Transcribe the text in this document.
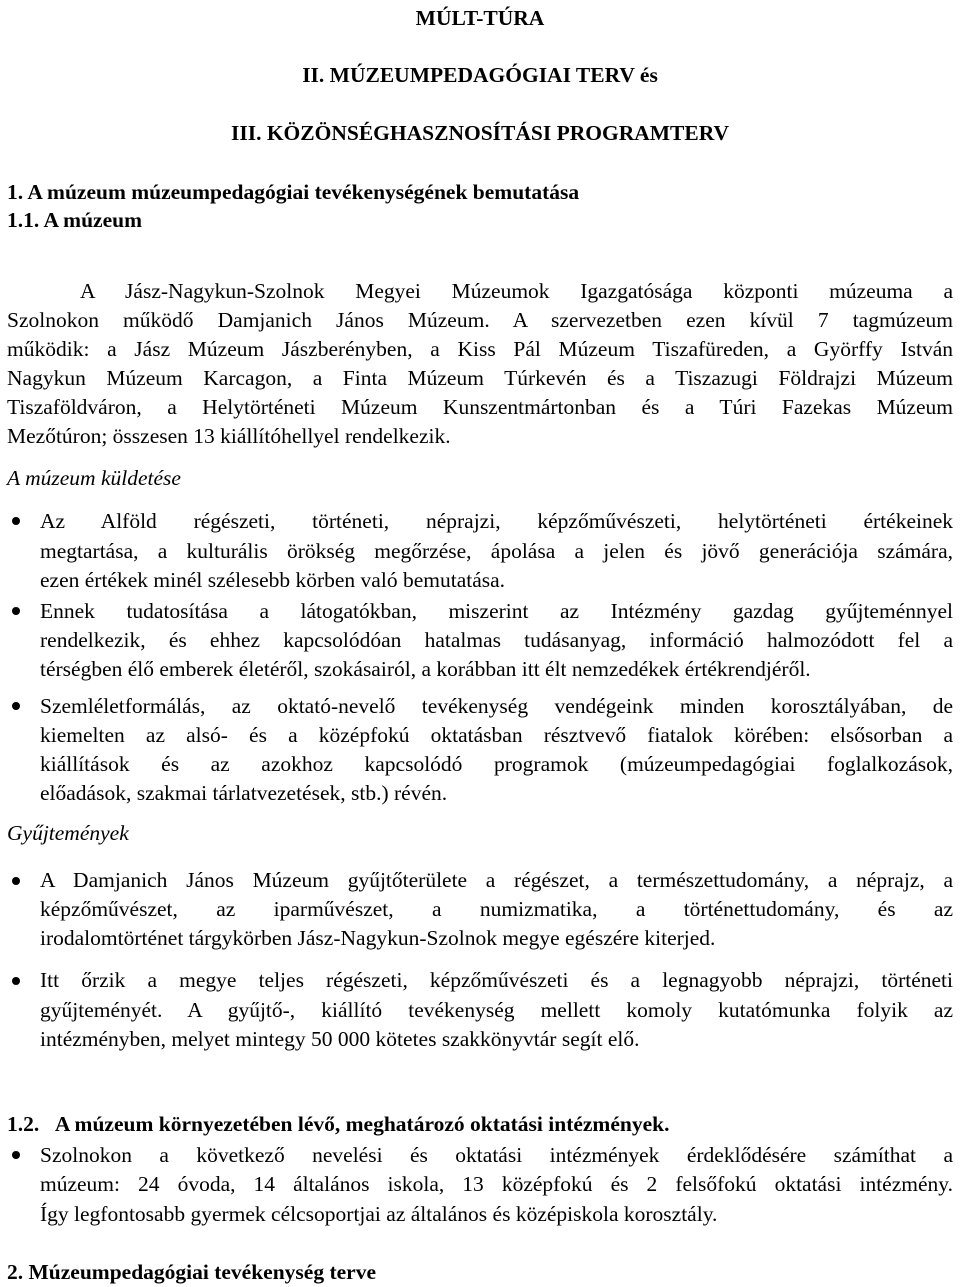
MÚLT-TÚRA
II. MÚZEUMPEDAGÓGIAI TERV és
III. KÖZÖNSÉGHASZNOSÍTÁSI PROGRAMTERV
1. A múzeum múzeumpedagógiai tevékenységének bemutatása
1.1. A múzeum
A Jász-Nagykun-Szolnok Megyei Múzeumok Igazgatósága központi múzeuma a
Szolnokon működő Damjanich János Múzeum. A szervezetben ezen kívül 7 tagmúzeum
működik: a Jász Múzeum Jászberényben, a Kiss Pál Múzeum Tiszafüreden, a Györffy István
Nagykun Múzeum Karcagon, a Finta Múzeum Túrkevén és a Tiszazugi Földrajzi Múzeum
Tiszaföldváron, a Helytörténeti Múzeum Kunszentmártonban és a Túri Fazekas Múzeum
Mezőtúron; összesen 13 kiállítóhellyel rendelkezik.
A múzeum küldetése
Az Alföld régészeti, történeti, néprajzi, képzőművészeti, helytörténeti értékeinek
megtartása, a kulturális örökség megőrzése, ápolása a jelen és jövő generációja számára,
ezen értékek minél szélesebb körben való bemutatása.
Ennek tudatosítása a látogatókban, miszerint az Intézmény gazdag gyűjteménnyel
rendelkezik, és ehhez kapcsolódóan hatalmas tudásanyag, információ halmozódott fel a
térségben élő emberek életéről, szokásairól, a korábban itt élt nemzedékek értékrendjéről.
Szemléletformálás, az oktató-nevelő tevékenység vendégeink minden korosztályában, de
kiemelten az alsó- és a középfokú oktatásban résztvevő fiatalok körében: elsősorban a
kiállítások és az azokhoz kapcsolódó programok (múzeumpedagógiai foglalkozások,
előadások, szakmai tárlatvezetések, stb.) révén.
Gyűjtemények
A Damjanich János Múzeum gyűjtőterülete a régészet, a természettudomány, a néprajz, a
képzőművészet, az iparművészet, a numizmatika, a történettudomány, és az
irodalomtörténet tárgykörben Jász-Nagykun-Szolnok megye egészére kiterjed.
Itt őrzik a megye teljes régészeti, képzőművészeti és a legnagyobb néprajzi, történeti
gyűjteményét. A gyűjtő-, kiállító tevékenység mellett komoly kutatómunka folyik az
intézményben, melyet mintegy 50 000 kötetes szakkönyvtár segít elő.
1.2. A múzeum környezetében lévő, meghatározó oktatási intézmények.
Szolnokon a következő nevelési és oktatási intézmények érdeklődésére számíthat a
múzeum: 24 óvoda, 14 általános iskola, 13 középfokú és 2 felsőfokú oktatási intézmény.
Így legfontosabb gyermek célcsoportjai az általános és középiskola korosztály.
2. Múzeumpedagógiai tevékenység terve
